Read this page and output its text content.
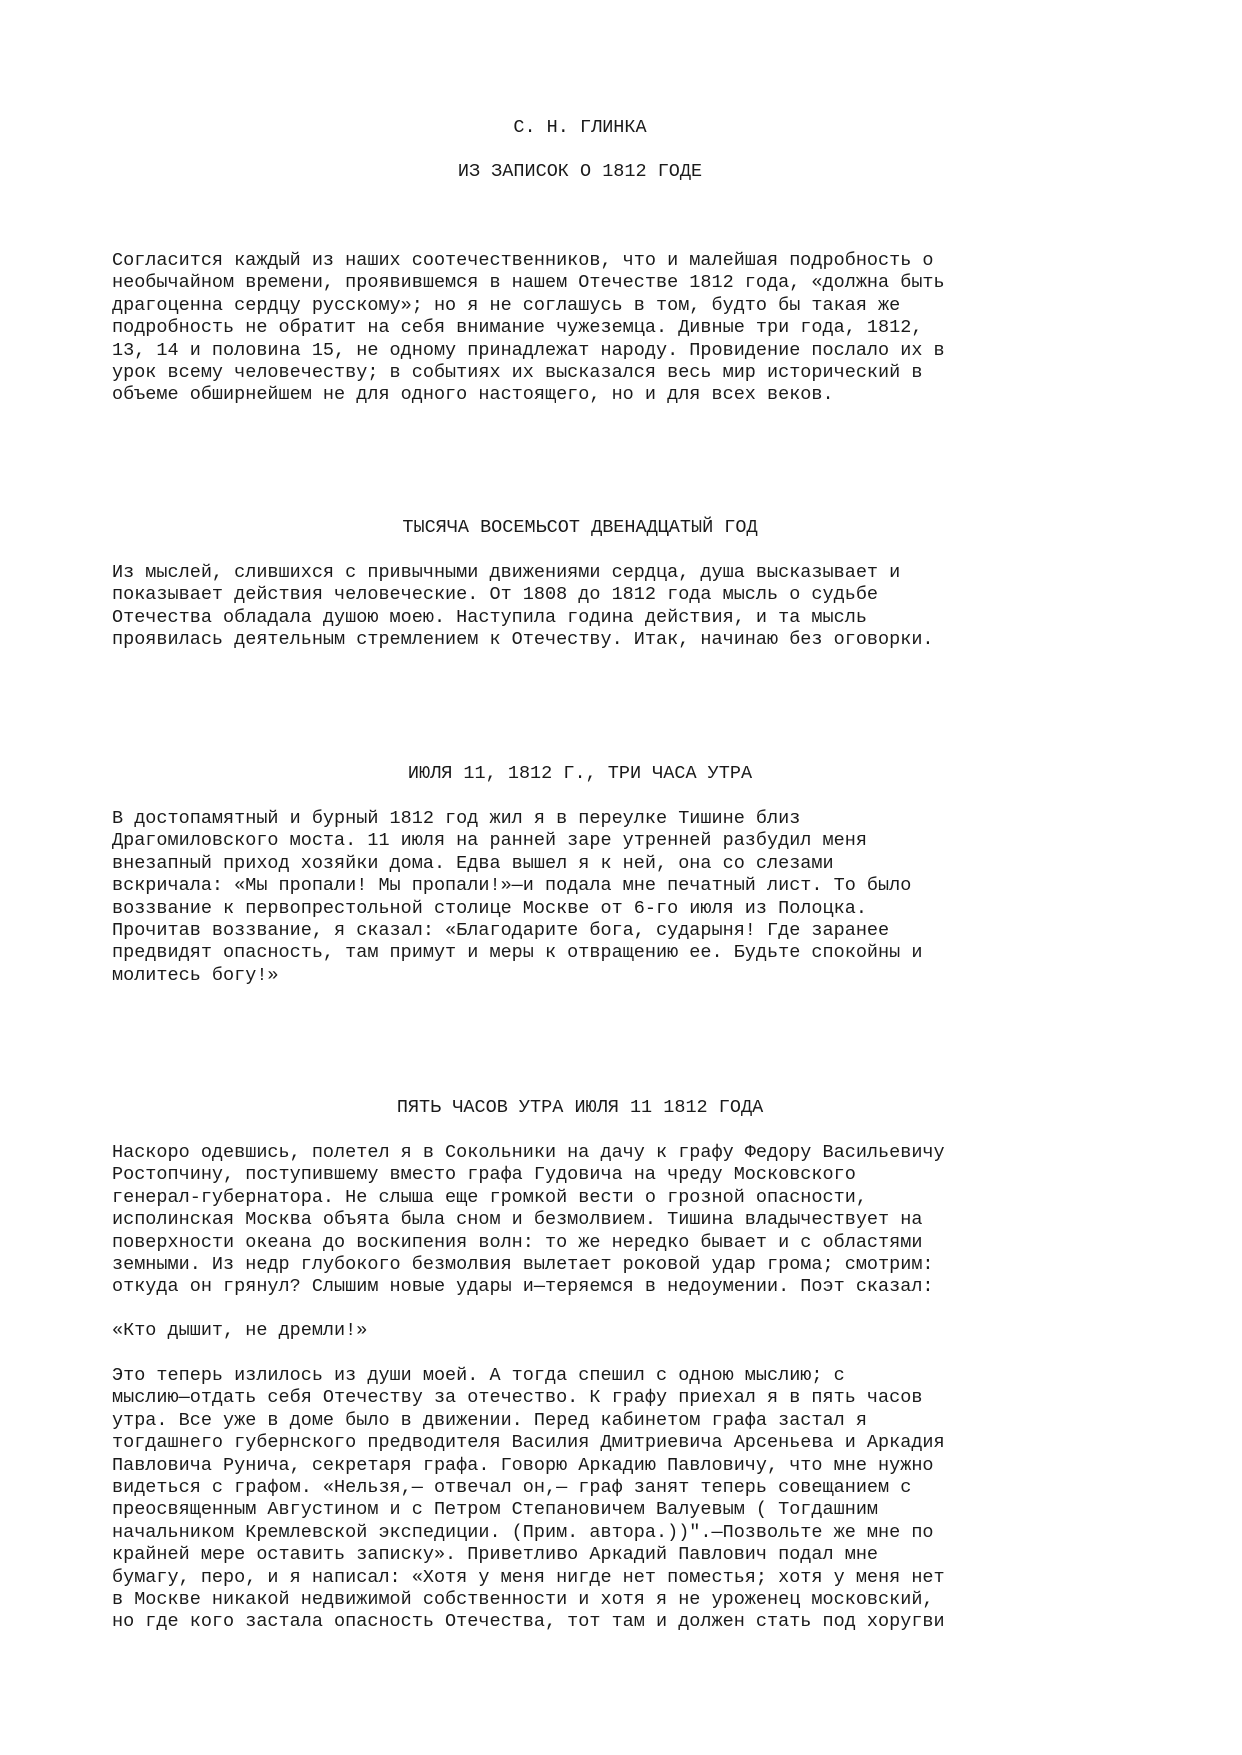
С. Н. ГЛИНКА
ИЗ ЗАПИСОК О 1812 ГОДЕ
Согласится каждый из наших соотечественников, что и малейшая подробность о
необычайном времени, проявившемся в нашем Отечестве 1812 года, «должна быть
драгоценна сердцу русскому»; но я не соглашусь в том, будто бы такая же
подробность не обратит на себя внимание чужеземца. Дивные три года, 1812,
13, 14 и половина 15, не одному принадлежат народу. Провидение послало их в
урок всему человечеству; в событиях их высказался весь мир исторический в
объеме обширнейшем не для одного настоящего, но и для всех веков.
ТЫСЯЧА ВОСЕМЬСОТ ДВЕНАДЦАТЫЙ ГОД
Из мыслей, слившихся с привычными движениями сердца, душа высказывает и
показывает действия человеческие. От 1808 до 1812 года мысль о судьбе
Отечества обладала душою моею. Наступила година действия, и та мысль
проявилась деятельным стремлением к Отечеству. Итак, начинаю без оговорки.
ИЮЛЯ 11, 1812 Г., ТРИ ЧАСА УТРА
В достопамятный и бурный 1812 год жил я в переулке Тишине близ
Драгомиловского моста. 11 июля на ранней заре утренней разбудил меня
внезапный приход хозяйки дома. Едва вышел я к ней, она со слезами
вскричала: «Мы пропали! Мы пропали!»—и подала мне печатный лист. То было
воззвание к первопрестольной столице Москве от 6-го июля из Полоцка.
Прочитав воззвание, я сказал: «Благодарите бога, сударыня! Где заранее
предвидят опасность, там примут и меры к отвращению ее. Будьте спокойны и
молитесь богу!»
ПЯТЬ ЧАСОВ УТРА ИЮЛЯ 11 1812 ГОДА
Наскоро одевшись, полетел я в Сокольники на дачу к графу Федору Васильевичу
Ростопчину, поступившему вместо графа Гудовича на чреду Московского
генерал-губернатора. Не слыша еще громкой вести о грозной опасности,
исполинская Москва объята была сном и безмолвием. Тишина владычествует на
поверхности океана до воскипения волн: то же нередко бывает и с областями
земными. Из недр глубокого безмолвия вылетает роковой удар грома; смотрим:
откуда он грянул? Слышим новые удары и—теряемся в недоумении. Поэт сказал:
«Кто дышит, не дремли!»
Это теперь излилось из души моей. А тогда спешил с одною мыслию; с
мыслию—отдать себя Отечеству за отечество. К графу приехал я в пять часов
утра. Все уже в доме было в движении. Перед кабинетом графа застал я
тогдашнего губернского предводителя Василия Дмитриевича Арсеньева и Аркадия
Павловича Рунича, секретаря графа. Говорю Аркадию Павловичу, что мне нужно
видеться с графом. «Нельзя,— отвечал он,— граф занят теперь совещанием с
преосвященным Августином и с Петром Степановичем Валуевым ( Тогдашним
начальником Кремлевской экспедиции. (Прим. автора.))".—Позвольте же мне по
крайней мере оставить записку». Приветливо Аркадий Павлович подал мне
бумагу, перо, и я написал: «Хотя у меня нигде нет поместья; хотя у меня нет
в Москве никакой недвижимой собственности и хотя я не уроженец московский,
но где кого застала опасность Отечества, тот там и должен стать под хоругви
